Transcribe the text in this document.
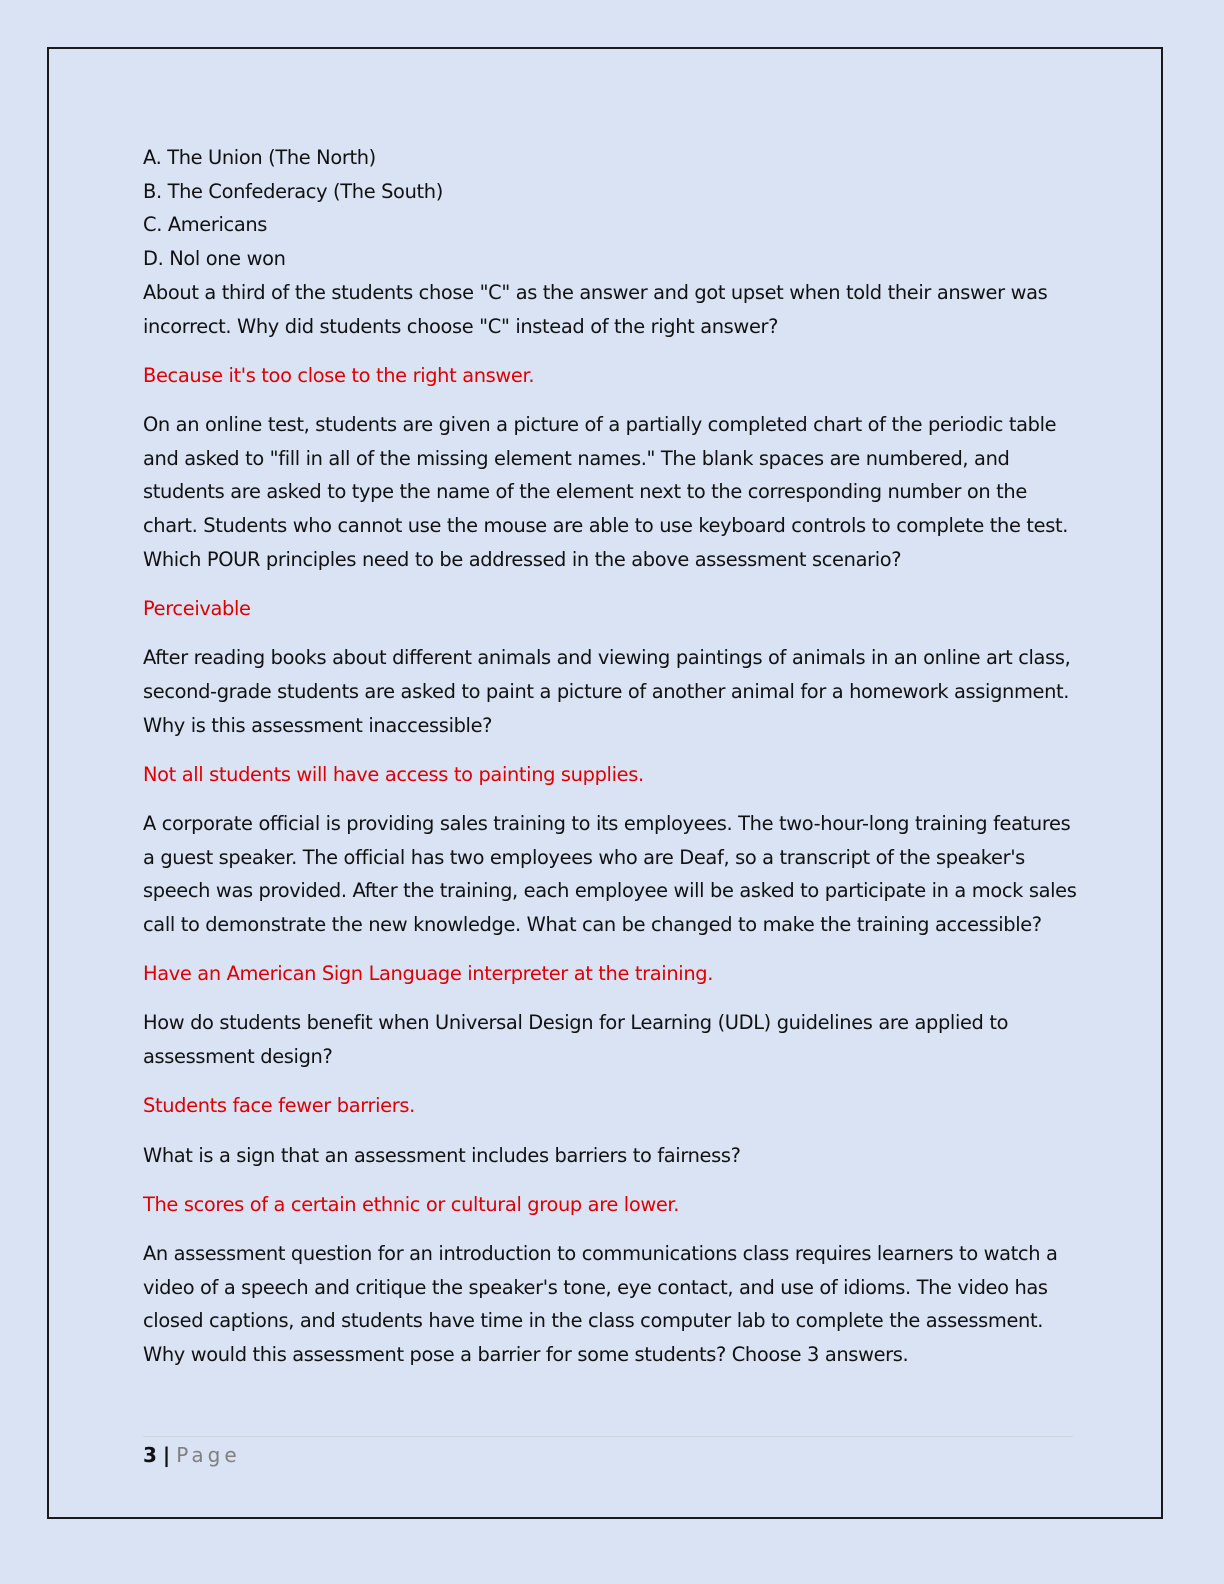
A. The Union (The North)
B. The Confederacy (The South)
C. Americans
D. Nol one won
About a third of the students chose "C" as the answer and got upset when told their answer was incorrect. Why did students choose "C" instead of the right answer?
Because it's too close to the right answer.
On an online test, students are given a picture of a partially completed chart of the periodic table and asked to "fill in all of the missing element names." The blank spaces are numbered, and students are asked to type the name of the element next to the corresponding number on the chart. Students who cannot use the mouse are able to use keyboard controls to complete the test. Which POUR principles need to be addressed in the above assessment scenario?
Perceivable
After reading books about different animals and viewing paintings of animals in an online art class, second-grade students are asked to paint a picture of another animal for a homework assignment. Why is this assessment inaccessible?
Not all students will have access to painting supplies.
A corporate official is providing sales training to its employees. The two-hour-long training features a guest speaker. The official has two employees who are Deaf, so a transcript of the speaker's speech was provided. After the training, each employee will be asked to participate in a mock sales call to demonstrate the new knowledge. What can be changed to make the training accessible?
Have an American Sign Language interpreter at the training.
How do students benefit when Universal Design for Learning (UDL) guidelines are applied to assessment design?
Students face fewer barriers.
What is a sign that an assessment includes barriers to fairness?
The scores of a certain ethnic or cultural group are lower.
An assessment question for an introduction to communications class requires learners to watch a video of a speech and critique the speaker's tone, eye contact, and use of idioms. The video has closed captions, and students have time in the class computer lab to complete the assessment. Why would this assessment pose a barrier for some students? Choose 3 answers.
3 | Page
